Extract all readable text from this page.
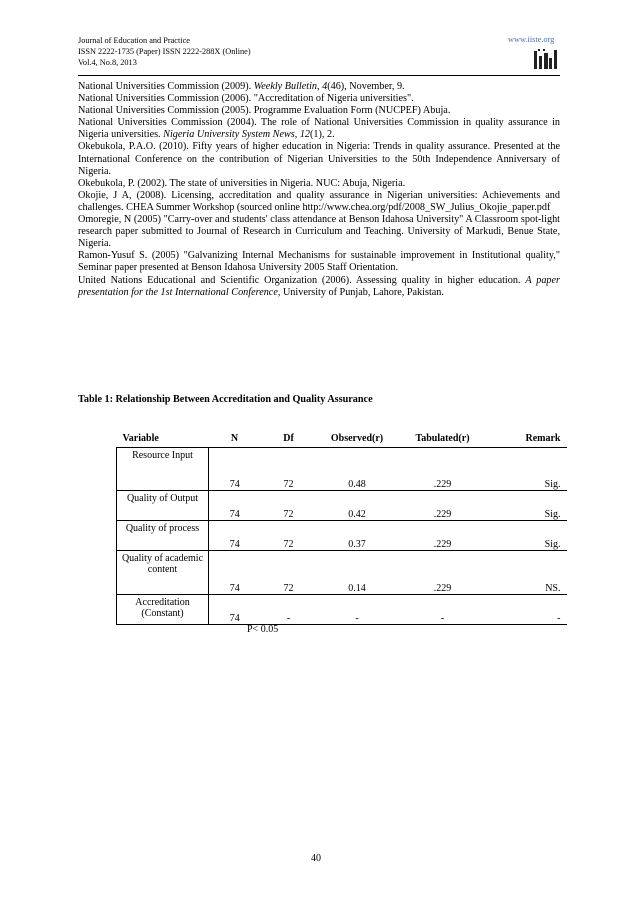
Journal of Education and Practice
ISSN 2222-1735 (Paper) ISSN 2222-288X (Online)
Vol.4, No.8, 2013
www.iiste.org

National Universities Commission (2009). Weekly Bulletin, 4(46), November, 9.

National Universities Commission (2006). "Accreditation of Nigeria universities".

National Universities Commission (2005). Programme Evaluation Form (NUCPEF) Abuja.

National Universities Commission (2004). The role of National Universities Commission in quality assurance in Nigeria universities. Nigeria University System News, 12(1), 2.

Okebukola, P.A.O. (2010). Fifty years of higher education in Nigeria: Trends in quality assurance. Presented at the International Conference on the contribution of Nigerian Universities to the 50th Independence Anniversary of Nigeria.

Okebukola, P. (2002). The state of universities in Nigeria. NUC: Abuja, Nigeria.

Okojie, J A, (2008). Licensing, accreditation and quality assurance in Nigerian universities: Achievements and challenges. CHEA Summer Workshop (sourced online http://www.chea.org/pdf/2008_SW_Julius_Okojie_paper.pdf

Omoregie, N (2005) "Carry-over and students' class attendance at Benson Idahosa University" A Classroom spot-light research paper submitted to Journal of Research in Curriculum and Teaching. University of Markudi, Benue State, Nigeria.

Ramon-Yusuf S. (2005) "Galvanizing Internal Mechanisms for sustainable improvement in Institutional quality," Seminar paper presented at Benson Idahosa University 2005 Staff Orientation.

United Nations Educational and Scientific Organization (2006). Assessing quality in higher education. A paper presentation for the 1st International Conference, University of Punjab, Lahore, Pakistan.

Table 1: Relationship Between Accreditation and Quality Assurance
Variable	N	Df	Observed(r)	Tabulated(r)	Remark
Resource Input	74	72	0.48	.229	Sig.
Quality of Output	74	72	0.42	.229	Sig.
Quality of process	74	72	0.37	.229	Sig.
Quality of academic content	74	72	0.14	.229	NS.
Accreditation (Constant)	74	-	-	-	-
P< 0.05
40
